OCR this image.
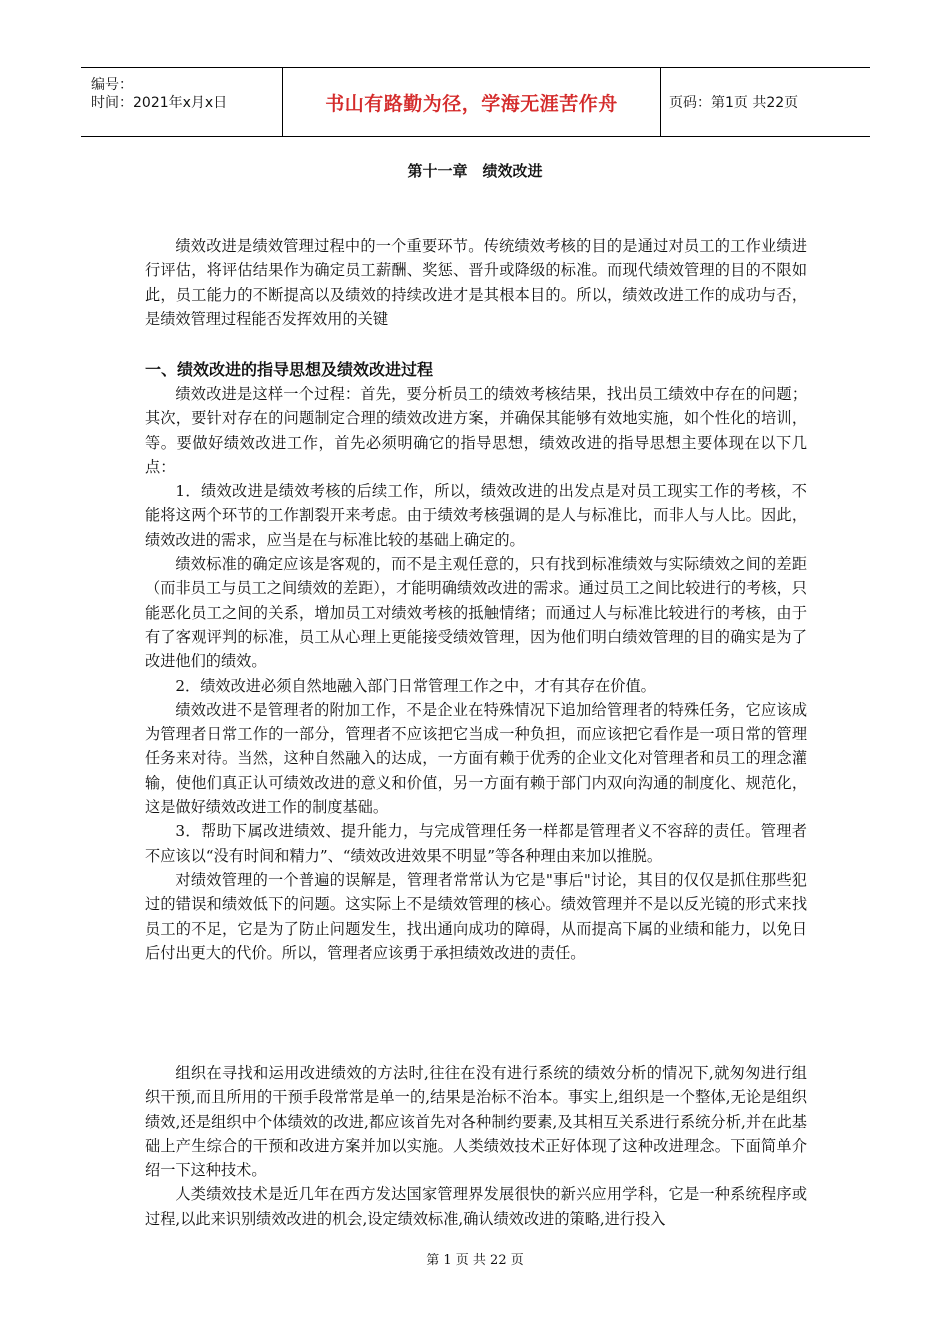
编号：
时间：2021年x月x日	书山有路勤为径，学海无涯苦作舟	页码：第1页 共22页
第十一章　绩效改进

绩效改进是绩效管理过程中的一个重要环节。传统绩效考核的目的是通过对员工的工作业绩进行评估，将评估结果作为确定员工薪酬、奖惩、晋升或降级的标准。而现代绩效管理的目的不限如此，员工能力的不断提高以及绩效的持续改进才是其根本目的。所以，绩效改进工作的成功与否，是绩效管理过程能否发挥效用的关键

一、绩效改进的指导思想及绩效改进过程

绩效改进是这样一个过程：首先，要分析员工的绩效考核结果，找出员工绩效中存在的问题；其次，要针对存在的问题制定合理的绩效改进方案，并确保其能够有效地实施，如个性化的培训，等。要做好绩效改进工作，首先必须明确它的指导思想，绩效改进的指导思想主要体现在以下几点：

1．绩效改进是绩效考核的后续工作，所以，绩效改进的出发点是对员工现实工作的考核，不能将这两个环节的工作割裂开来考虑。由于绩效考核强调的是人与标准比，而非人与人比。因此，绩效改进的需求，应当是在与标准比较的基础上确定的。

绩效标准的确定应该是客观的，而不是主观任意的，只有找到标准绩效与实际绩效之间的差距（而非员工与员工之间绩效的差距），才能明确绩效改进的需求。通过员工之间比较进行的考核，只能恶化员工之间的关系，增加员工对绩效考核的抵触情绪；而通过人与标准比较进行的考核，由于有了客观评判的标准，员工从心理上更能接受绩效管理，因为他们明白绩效管理的目的确实是为了改进他们的绩效。

2．绩效改进必须自然地融入部门日常管理工作之中，才有其存在价值。

绩效改进不是管理者的附加工作，不是企业在特殊情况下追加给管理者的特殊任务，它应该成为管理者日常工作的一部分，管理者不应该把它当成一种负担，而应该把它看作是一项日常的管理任务来对待。当然，这种自然融入的达成，一方面有赖于优秀的企业文化对管理者和员工的理念灌输，使他们真正认可绩效改进的意义和价值，另一方面有赖于部门内双向沟通的制度化、规范化，这是做好绩效改进工作的制度基础。

3．帮助下属改进绩效、提升能力，与完成管理任务一样都是管理者义不容辞的责任。管理者不应该以“没有时间和精力”、“绩效改进效果不明显”等各种理由来加以推脱。

对绩效管理的一个普遍的误解是，管理者常常认为它是"事后"讨论，其目的仅仅是抓住那些犯过的错误和绩效低下的问题。这实际上不是绩效管理的核心。绩效管理并不是以反光镜的形式来找员工的不足，它是为了防止问题发生，找出通向成功的障碍，从而提高下属的业绩和能力，以免日后付出更大的代价。所以，管理者应该勇于承担绩效改进的责任。

组织在寻找和运用改进绩效的方法时,往往在没有进行系统的绩效分析的情况下,就匆匆进行组织干预,而且所用的干预手段常常是单一的,结果是治标不治本。事实上,组织是一个整体,无论是组织绩效,还是组织中个体绩效的改进,都应该首先对各种制约要素,及其相互关系进行系统分析,并在此基础上产生综合的干预和改进方案并加以实施。人类绩效技术正好体现了这种改进理念。下面简单介绍一下这种技术。

人类绩效技术是近几年在西方发达国家管理界发展很快的新兴应用学科，它是一种系统程序或过程,以此来识别绩效改进的机会,设定绩效标准,确认绩效改进的策略,进行投入

第 1 页 共 22 页
